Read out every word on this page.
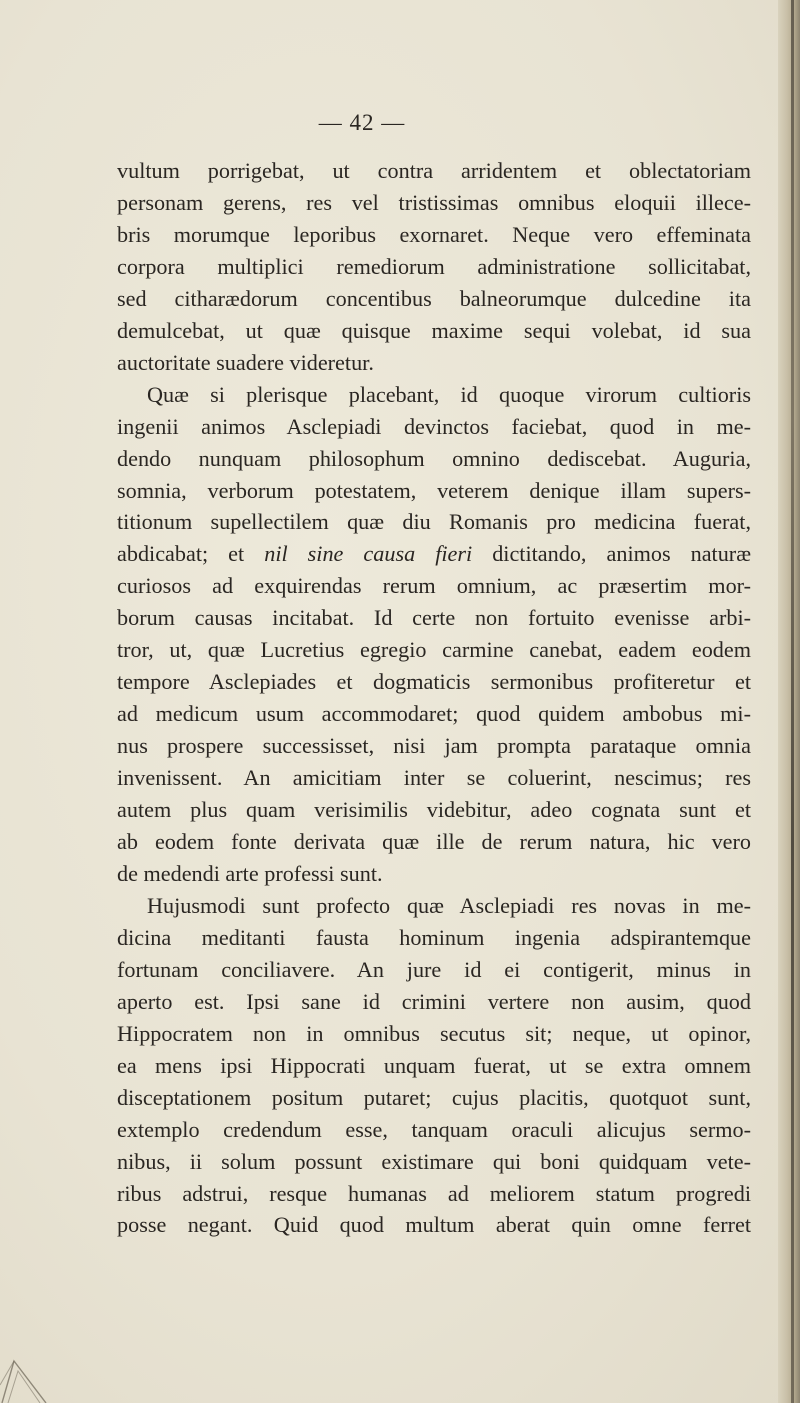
— 42 —

vultum porrigebat, ut contra arridentem et oblectatoriam
personam gerens, res vel tristissimas omnibus eloquii illece-
bris morumque leporibus exornaret. Neque vero effeminata
corpora multiplici remediorum administratione sollicitabat,
sed citharædorum concentibus balneorumque dulcedine ita
demulcebat, ut quæ quisque maxime sequi volebat, id sua
auctoritate suadere videretur.

Quæ si plerisque placebant, id quoque virorum cultioris
ingenii animos Asclepiadi devinctos faciebat, quod in me-
dendo nunquam philosophum omnino dediscebat. Auguria,
somnia, verborum potestatem, veterem denique illam supers-
titionum supellectilem quæ diu Romanis pro medicina fuerat,
abdicabat; et nil sine causa fieri dictitando, animos naturæ
curiosos ad exquirendas rerum omnium, ac præsertim mor-
borum causas incitabat. Id certe non fortuito evenisse arbi-
tror, ut, quæ Lucretius egregio carmine canebat, eadem eodem
tempore Asclepiades et dogmaticis sermonibus profiteretur et
ad medicum usum accommodaret; quod quidem ambobus mi-
nus prospere successisset, nisi jam prompta parataque omnia
invenissent. An amicitiam inter se coluerint, nescimus; res
autem plus quam verisimilis videbitur, adeo cognata sunt et
ab eodem fonte derivata quæ ille de rerum natura, hic vero
de medendi arte professi sunt.

Hujusmodi sunt profecto quæ Asclepiadi res novas in me-
dicina meditanti fausta hominum ingenia adspirantemque
fortunam conciliavere. An jure id ei contigerit, minus in
aperto est. Ipsi sane id crimini vertere non ausim, quod
Hippocratem non in omnibus secutus sit; neque, ut opinor,
ea mens ipsi Hippocrati unquam fuerat, ut se extra omnem
disceptationem positum putaret; cujus placitis, quotquot sunt,
extemplo credendum esse, tanquam oraculi alicujus sermo-
nibus, ii solum possunt existimare qui boni quidquam vete-
ribus adstrui, resque humanas ad meliorem statum progredi
posse negant. Quid quod multum aberat quin omne ferret
